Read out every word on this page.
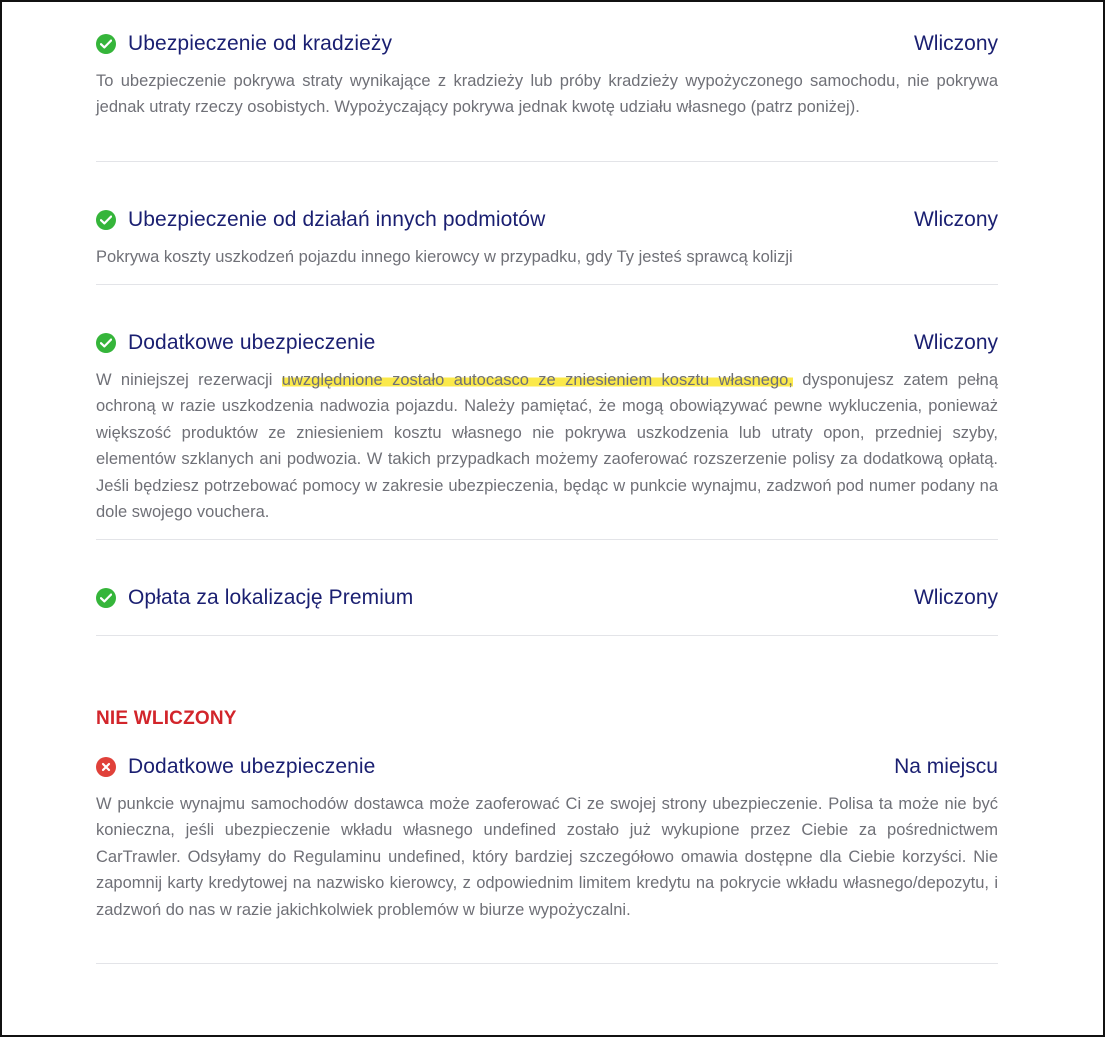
Ubezpieczenie od kradzieży	Wliczony

To ubezpieczenie pokrywa straty wynikające z kradzieży lub próby kradzieży wypożyczonego samochodu, nie pokrywa jednak utraty rzeczy osobistych. Wypożyczający pokrywa jednak kwotę udziału własnego (patrz poniżej).

Ubezpieczenie od działań innych podmiotów	Wliczony

Pokrywa koszty uszkodzeń pojazdu innego kierowcy w przypadku, gdy Ty jesteś sprawcą kolizji

Dodatkowe ubezpieczenie	Wliczony

W niniejszej rezerwacji uwzględnione zostało autocasco ze zniesieniem kosztu własnego, dysponujesz zatem pełną ochroną w razie uszkodzenia nadwozia pojazdu. Należy pamiętać, że mogą obowiązywać pewne wykluczenia, ponieważ większość produktów ze zniesieniem kosztu własnego nie pokrywa uszkodzenia lub utraty opon, przedniej szyby, elementów szklanych ani podwozia. W takich przypadkach możemy zaoferować rozszerzenie polisy za dodatkową opłatą. Jeśli będziesz potrzebować pomocy w zakresie ubezpieczenia, będąc w punkcie wynajmu, zadzwoń pod numer podany na dole swojego vouchera.

Opłata za lokalizację Premium	Wliczony
NIE WLICZONY
Dodatkowe ubezpieczenie	Na miejscu

W punkcie wynajmu samochodów dostawca może zaoferować Ci ze swojej strony ubezpieczenie. Polisa ta może nie być konieczna, jeśli ubezpieczenie wkładu własnego undefined zostało już wykupione przez Ciebie za pośrednictwem CarTrawler. Odsyłamy do Regulaminu undefined, który bardziej szczegółowo omawia dostępne dla Ciebie korzyści. Nie zapomnij karty kredytowej na nazwisko kierowcy, z odpowiednim limitem kredytu na pokrycie wkładu własnego/depozytu, i zadzwoń do nas w razie jakichkolwiek problemów w biurze wypożyczalni.
